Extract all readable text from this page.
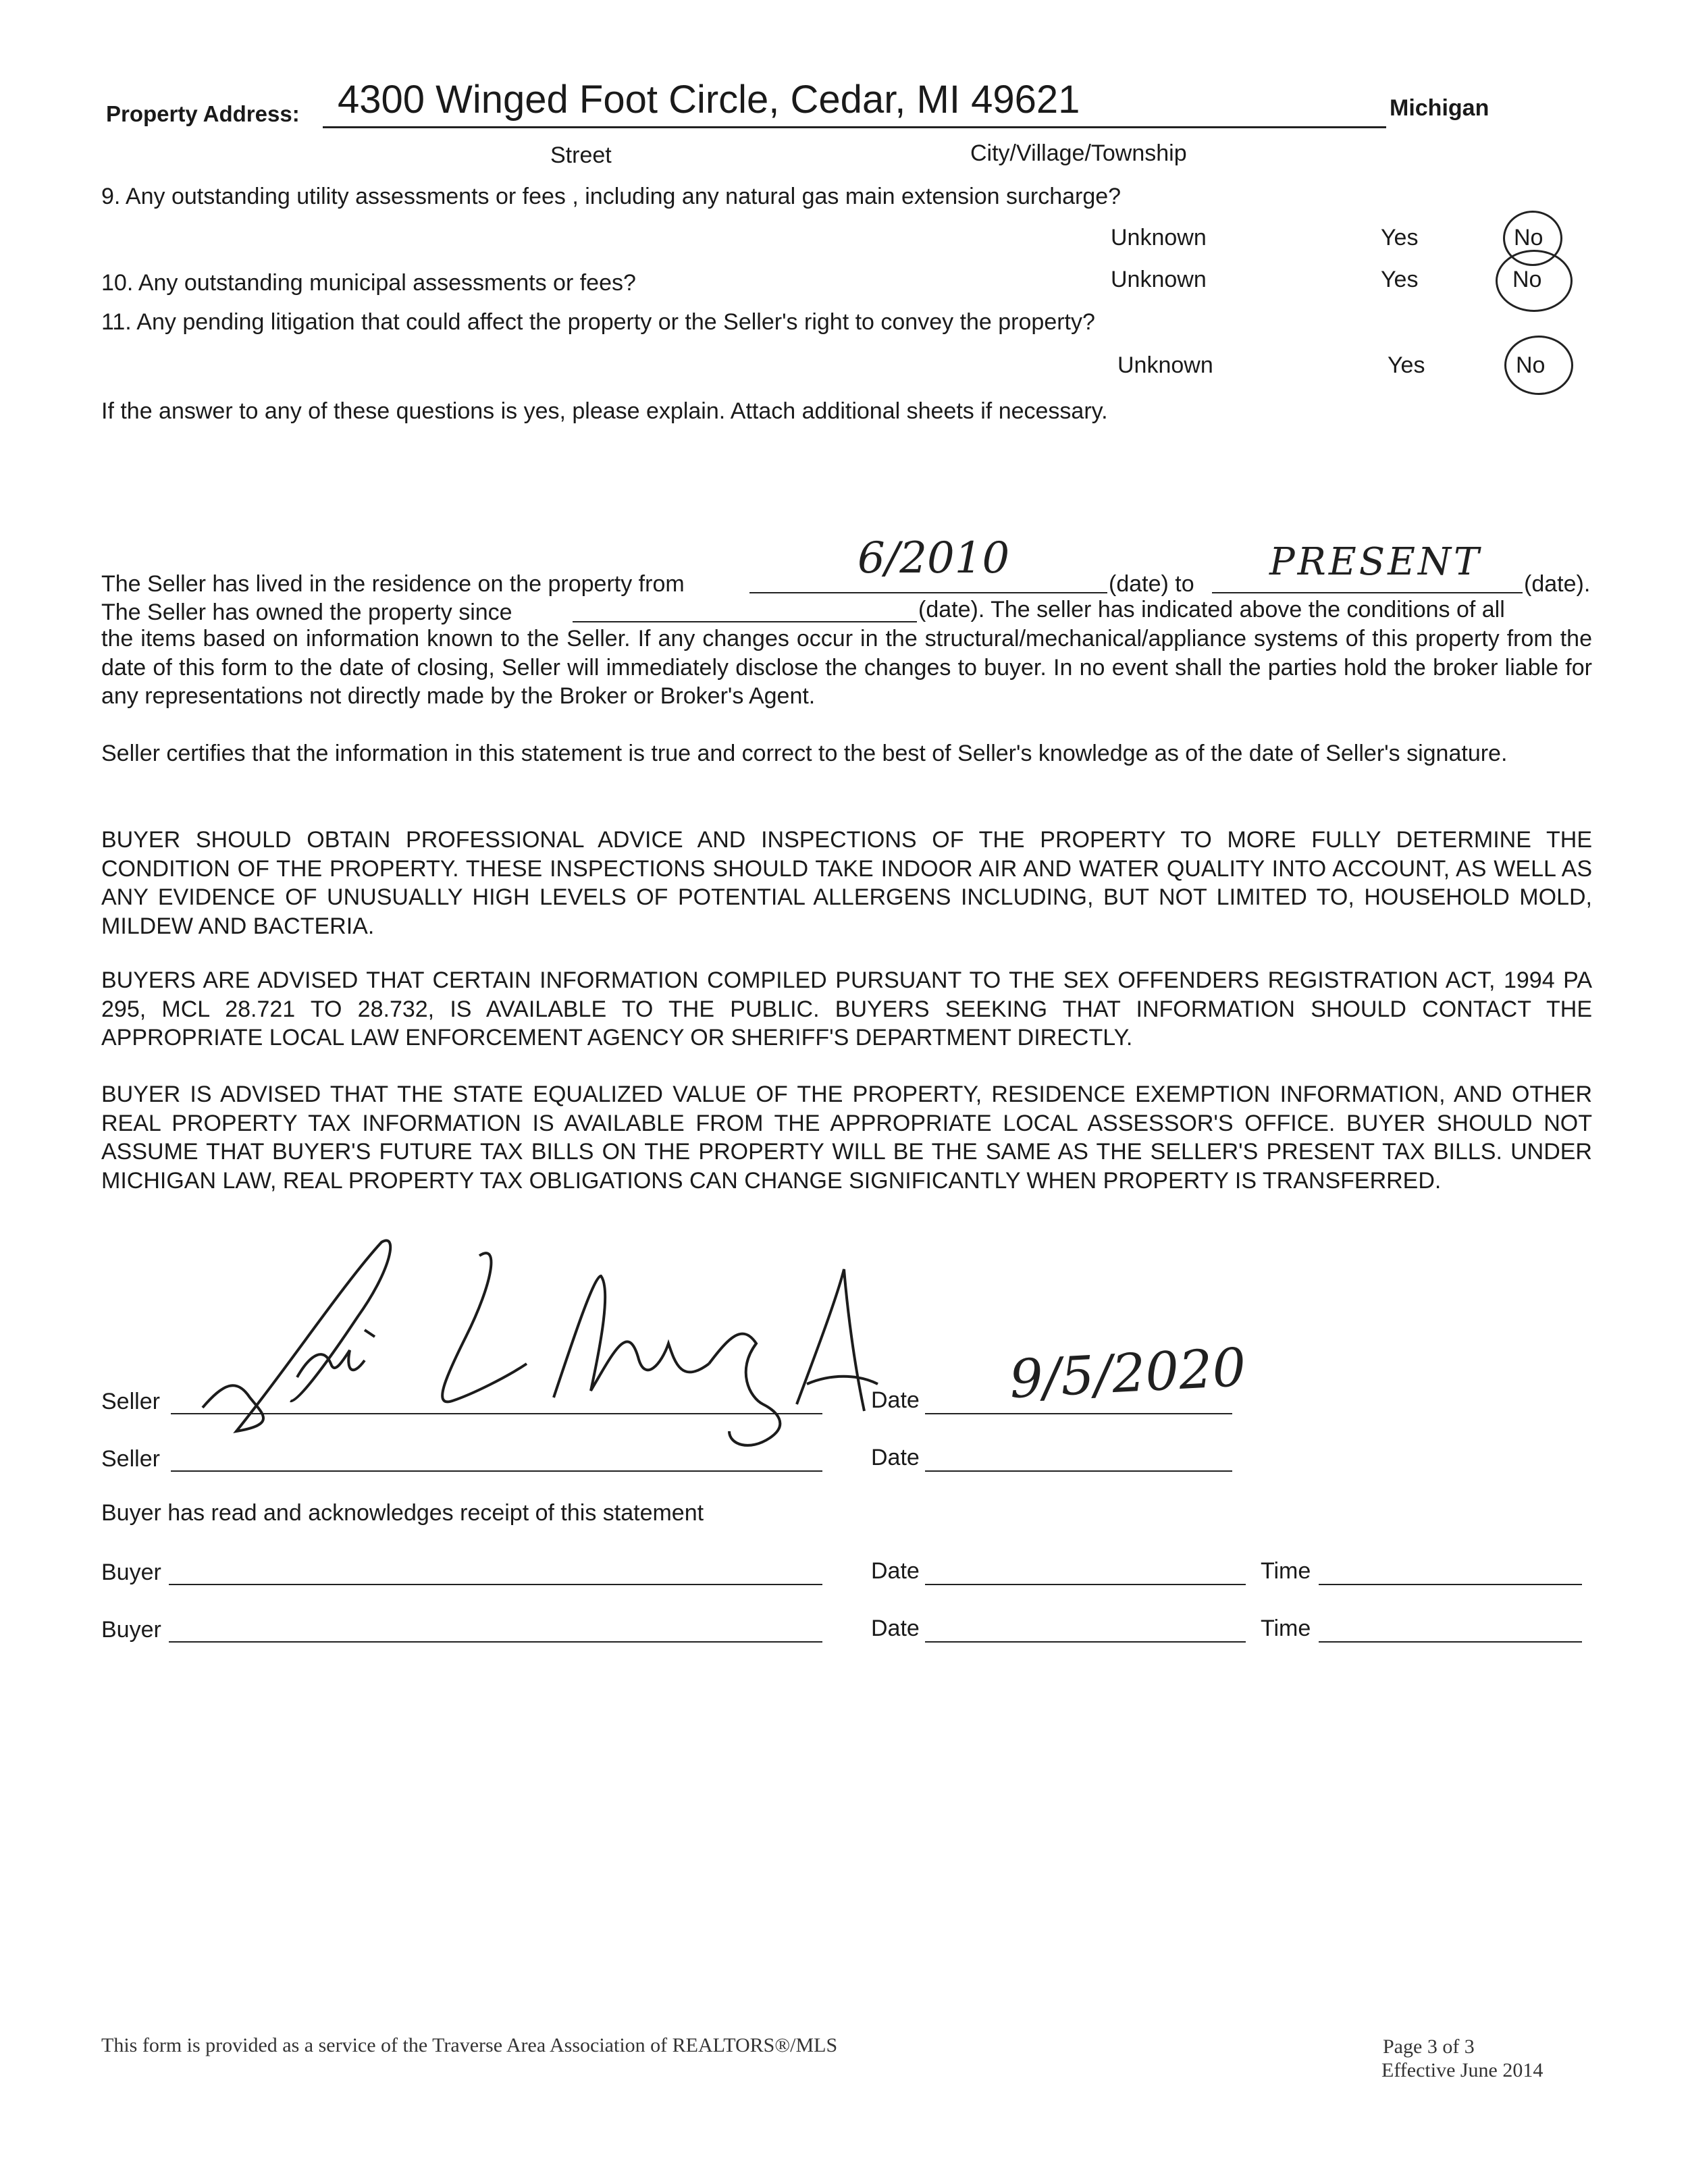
Property Address: 4300 Winged Foot Circle, Cedar, MI 49621	Michigan
Street	City/Village/Township
9. Any outstanding utility assessments or fees , including any natural gas main extension surcharge?
Unknown	Yes	No
10. Any outstanding municipal assessments or fees?	Unknown	Yes	No
11. Any pending litigation that could affect the property or the Seller's right to convey the property?
Unknown	Yes	No
If the answer to any of these questions is yes, please explain. Attach additional sheets if necessary.
The Seller has lived in the residence on the property from
6/2010
(date) to PRESENT (date).
The Seller has owned the property since	(date). The seller has indicated above the conditions of all
the items based on information known to the Seller. If any changes occur in the structural/mechanical/appliance systems of this property from the date of this form to the date of closing, Seller will immediately disclose the changes to buyer. In no event shall the parties hold the broker liable for any representations not directly made by the Broker or Broker's Agent.
Seller certifies that the information in this statement is true and correct to the best of Seller's knowledge as of the date of Seller's signature.
BUYER SHOULD OBTAIN PROFESSIONAL ADVICE AND INSPECTIONS OF THE PROPERTY TO MORE FULLY DETERMINE THE CONDITION OF THE PROPERTY. THESE INSPECTIONS SHOULD TAKE INDOOR AIR AND WATER QUALITY INTO ACCOUNT, AS WELL AS ANY EVIDENCE OF UNUSUALLY HIGH LEVELS OF POTENTIAL ALLERGENS INCLUDING, BUT NOT LIMITED TO, HOUSEHOLD MOLD, MILDEW AND BACTERIA.
BUYERS ARE ADVISED THAT CERTAIN INFORMATION COMPILED PURSUANT TO THE SEX OFFENDERS REGISTRATION ACT, 1994 PA 295, MCL 28.721 TO 28.732, IS AVAILABLE TO THE PUBLIC. BUYERS SEEKING THAT INFORMATION SHOULD CONTACT THE APPROPRIATE LOCAL LAW ENFORCEMENT AGENCY OR SHERIFF'S DEPARTMENT DIRECTLY.
BUYER IS ADVISED THAT THE STATE EQUALIZED VALUE OF THE PROPERTY, RESIDENCE EXEMPTION INFORMATION, AND OTHER REAL PROPERTY TAX INFORMATION IS AVAILABLE FROM THE APPROPRIATE LOCAL ASSESSOR'S OFFICE. BUYER SHOULD NOT ASSUME THAT BUYER'S FUTURE TAX BILLS ON THE PROPERTY WILL BE THE SAME AS THE SELLER'S PRESENT TAX BILLS. UNDER MICHIGAN LAW, REAL PROPERTY TAX OBLIGATIONS CAN CHANGE SIGNIFICANTLY WHEN PROPERTY IS TRANSFERRED.
Seller	Date 9/5/2020
Seller	Date
Buyer has read and acknowledges receipt of this statement
Buyer	Date	Time
Buyer	Date	Time
This form is provided as a service of the Traverse Area Association of REALTORS®/MLS	Page 3 of 3
Effective June 2014
